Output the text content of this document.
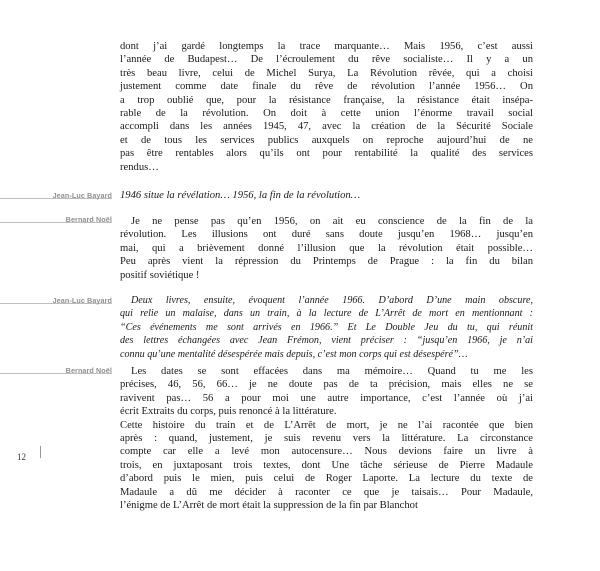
dont j’ai gardé longtemps la trace marquante… Mais 1956, c’est aussi
l’année de Budapest… De l’écroulement du rêve socialiste… Il y a un
très beau livre, celui de Michel Surya, La Révolution rêvée, qui a choisi
justement comme date finale du rêve de révolution l’année 1956… On
a trop oublié que, pour la résistance française, la résistance était insépa-
rable de la révolution. On doit à cette union l’énorme travail social
accompli dans les années 1945, 47, avec la création de la Sécurité Sociale
et de tous les services publics auxquels on reproche aujourd’hui de ne
pas être rentables alors qu’ils ont pour rentabilité la qualité des services
rendus…
Jean-Luc Bayard 1946 situe la révélation… 1956, la fin de la révolution…
Bernard Noël	Je ne pense pas qu’en 1956, on ait eu conscience de la fin de la
révolution. Les illusions ont duré sans doute jusqu’en 1968… jusqu’en
mai, qui a brièvement donné l’illusion que la révolution était possible…
Peu après vient la répression du Printemps de Prague : la fin du bilan
positif soviétique !
Jean-Luc Bayard	Deux livres, ensuite, évoquent l’année 1966. D’abord D’une main obscure,
qui relie un malaise, dans un train, à la lecture de L’Arrêt de mort en mentionnant :
“Ces événements me sont arrivés en 1966.” Et Le Double Jeu du tu, qui réunit
des lettres échangées avec Jean Frémon, vient préciser : “jusqu’en 1966, je n’ai
connu qu’une mentalité désespérée mais depuis, c’est mon corps qui est désespéré”…
Bernard Noël	Les dates se sont effacées dans ma mémoire… Quand tu me les
précises, 46, 56, 66… je ne doute pas de ta précision, mais elles ne se
ravivent pas… 56 a pour moi une autre importance, c’est l’année où j’ai
écrit Extraits du corps, puis renoncé à la littérature.
Cette histoire du train et de L’Arrêt de mort, je ne l’ai racontée que bien
après : quand, justement, je suis revenu vers la littérature. La circonstance
compte car elle a levé mon autocensure… Nous devions faire un livre à
trois, en juxtaposant trois textes, dont Une tâche sérieuse de Pierre Madaule
d’abord puis le mien, puis celui de Roger Laporte. La lecture du texte de
Madaule a dû me décider à raconter ce que je taisais… Pour Madaule,
l’énigme de L’Arrêt de mort était la suppression de la fin par Blanchot
12
